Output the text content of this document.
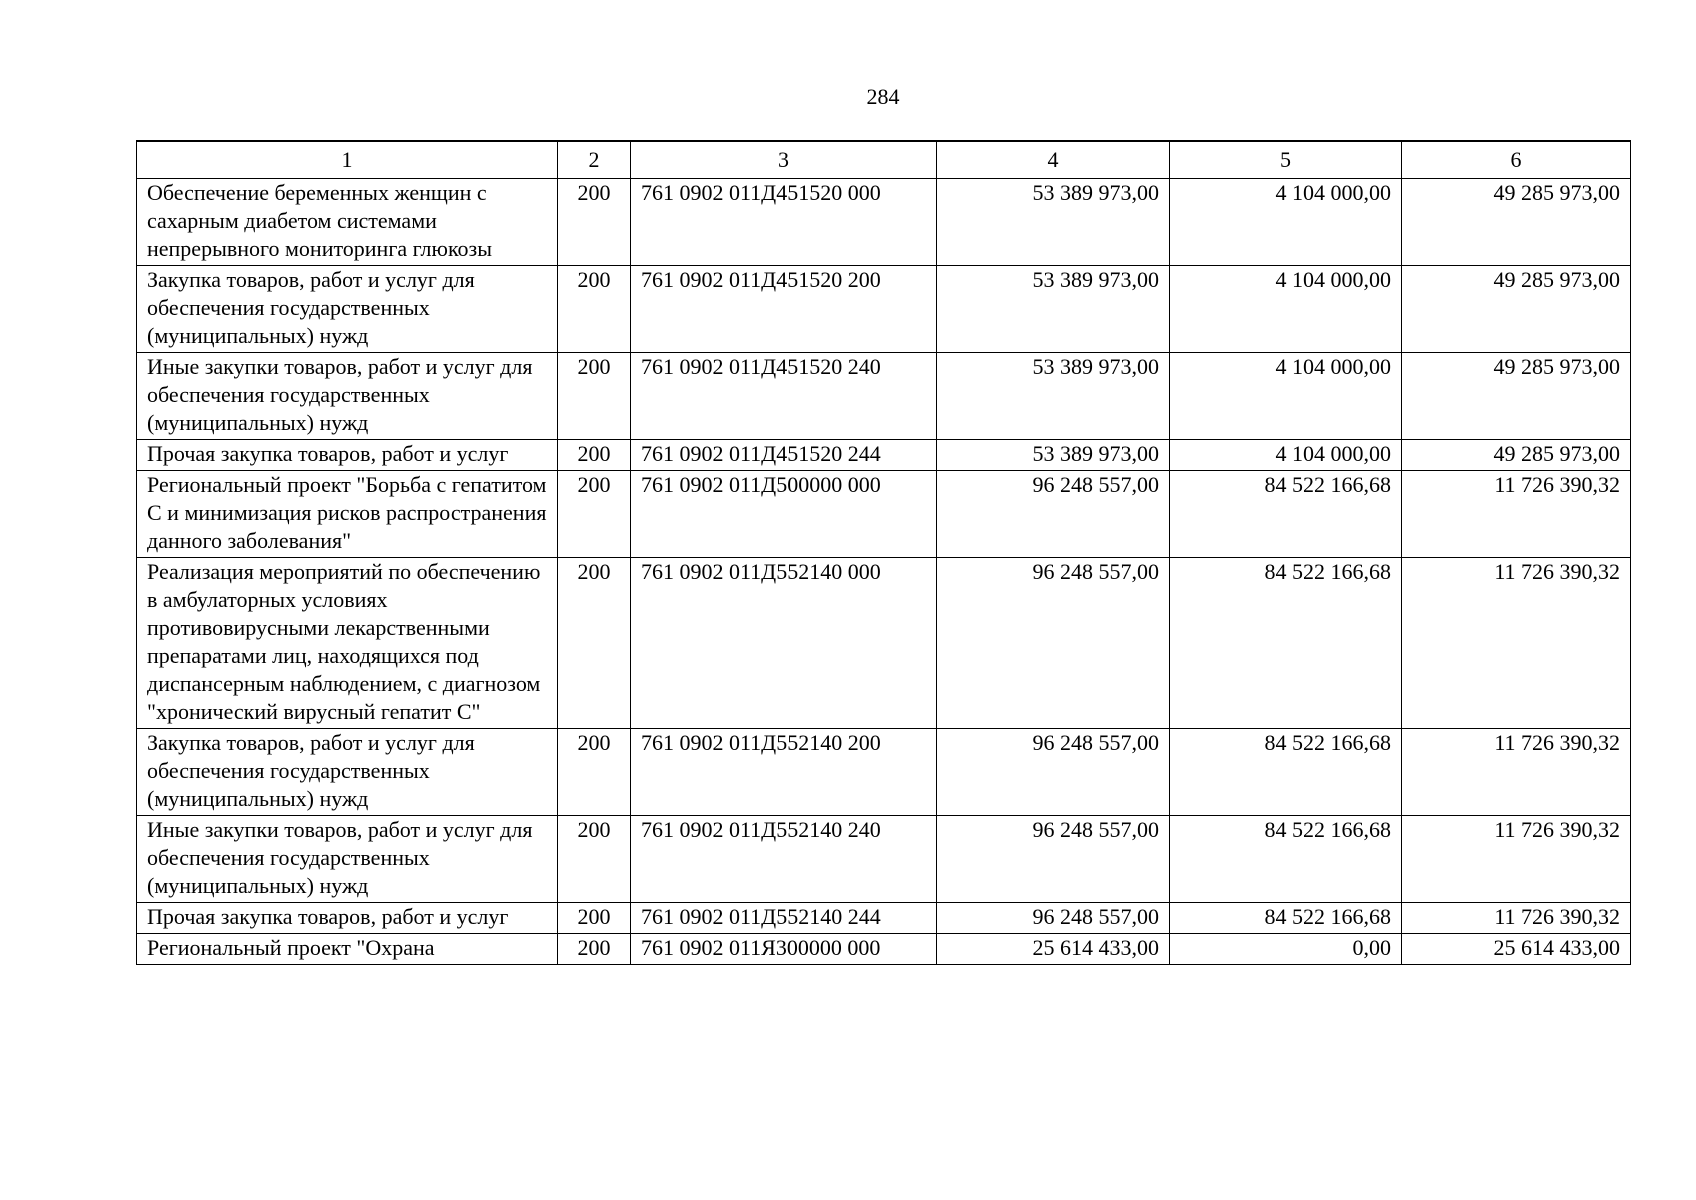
284
1	2	3	4	5	6
Обеспечение беременных женщин с сахарным диабетом системами непрерывного мониторинга глюкозы	200	761 0902 011Д451520 000	53 389 973,00	4 104 000,00	49 285 973,00
Закупка товаров, работ и услуг для обеспечения государственных (муниципальных) нужд	200	761 0902 011Д451520 200	53 389 973,00	4 104 000,00	49 285 973,00
Иные закупки товаров, работ и услуг для обеспечения государственных (муниципальных) нужд	200	761 0902 011Д451520 240	53 389 973,00	4 104 000,00	49 285 973,00
Прочая закупка товаров, работ и услуг	200	761 0902 011Д451520 244	53 389 973,00	4 104 000,00	49 285 973,00
Региональный проект "Борьба с гепатитом С и минимизация рисков распространения данного заболевания"	200	761 0902 011Д500000 000	96 248 557,00	84 522 166,68	11 726 390,32
Реализация мероприятий по обеспечению в амбулаторных условиях противовирусными лекарственными препаратами лиц, находящихся под диспансерным наблюдением, с диагнозом "хронический вирусный гепатит С"	200	761 0902 011Д552140 000	96 248 557,00	84 522 166,68	11 726 390,32
Закупка товаров, работ и услуг для обеспечения государственных (муниципальных) нужд	200	761 0902 011Д552140 200	96 248 557,00	84 522 166,68	11 726 390,32
Иные закупки товаров, работ и услуг для обеспечения государственных (муниципальных) нужд	200	761 0902 011Д552140 240	96 248 557,00	84 522 166,68	11 726 390,32
Прочая закупка товаров, работ и услуг	200	761 0902 011Д552140 244	96 248 557,00	84 522 166,68	11 726 390,32
Региональный проект "Охрана	200	761 0902 011Я300000 000	25 614 433,00	0,00	25 614 433,00
